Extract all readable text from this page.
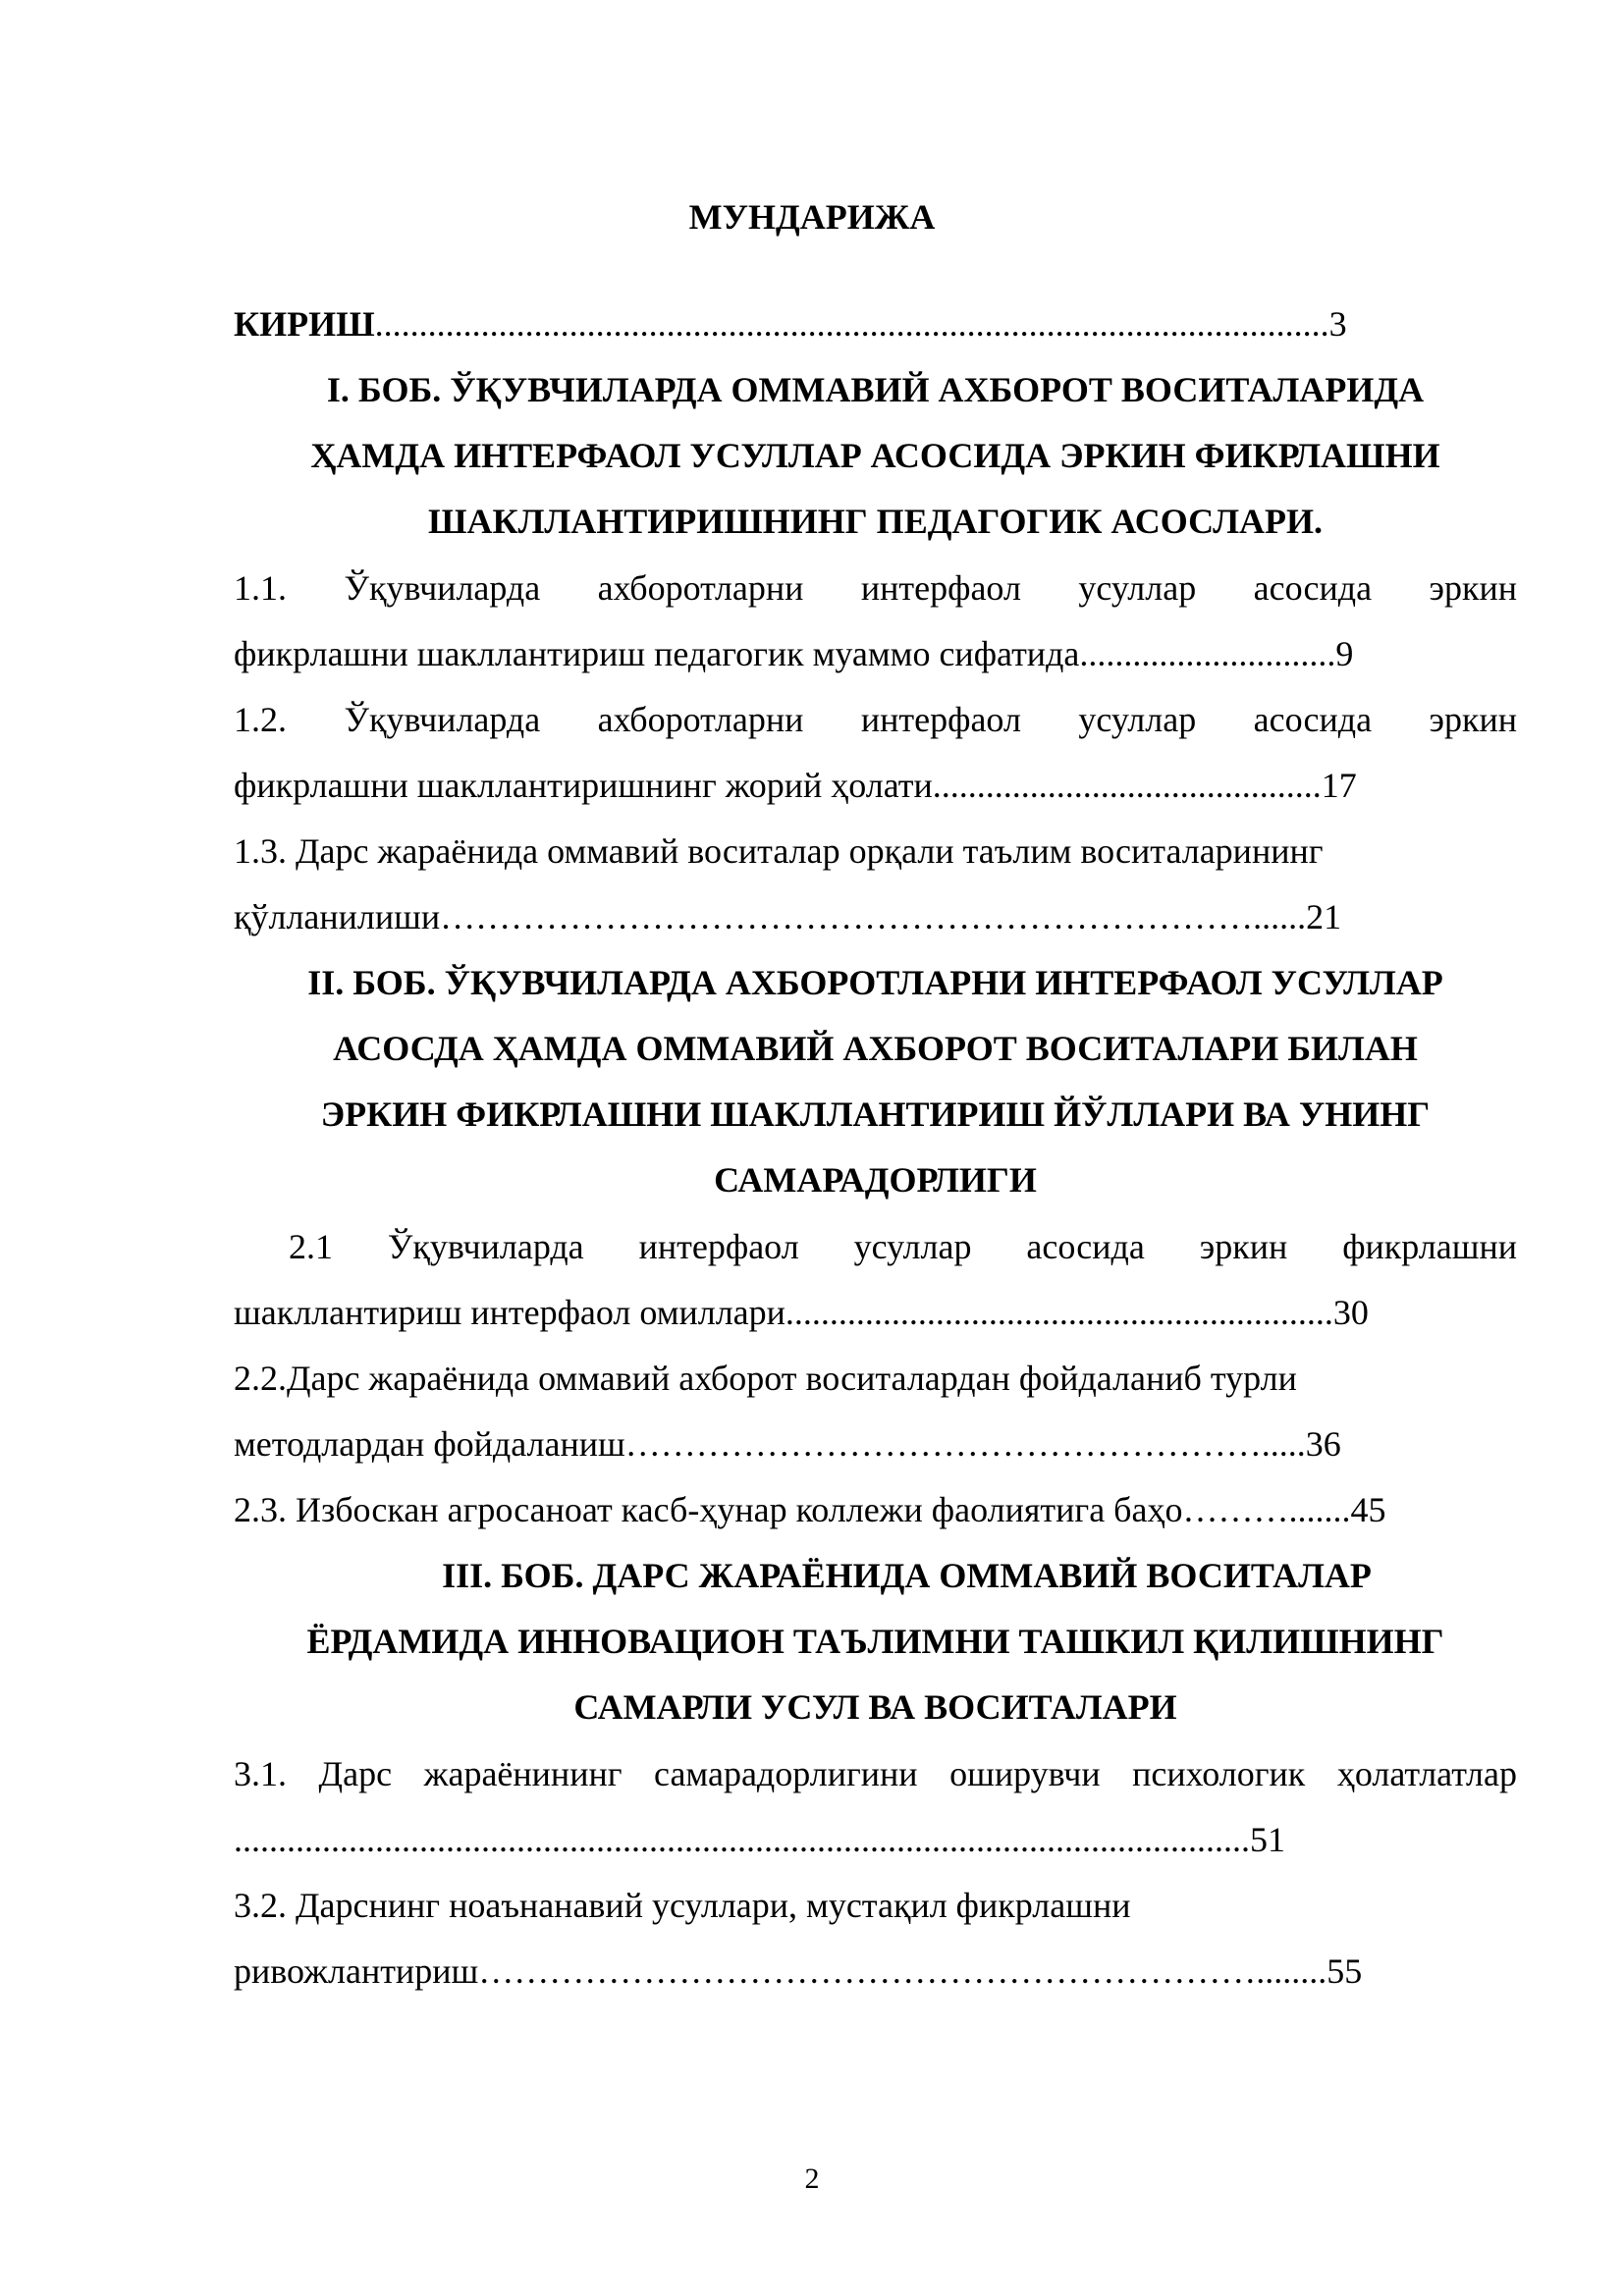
МУНДАРИЖА
КИРИШ............................................................................................................3
I. БОБ. ЎҚУВЧИЛАРДА ОММАВИЙ АХБОРОТ ВОСИТАЛАРИДА
ҲАМДА ИНТЕРФАОЛ УСУЛЛАР АСОСИДА ЭРКИН ФИКРЛАШНИ
ШАКЛЛАНТИРИШНИНГ ПЕДАГОГИК АСОСЛАРИ.
1.1. Ўқувчиларда ахборотларни интерфаол усуллар асосида эркин
фикрлашни шакллантириш педагогик муаммо сифатида.............................9
1.2. Ўқувчиларда ахборотларни интерфаол усуллар асосида эркин
фикрлашни шакллантиришнинг жорий ҳолати............................................17
1.3. Дарс жараёнида оммавий воситалар орқали таълим воситаларининг
қўлланилиши……………………………………………………………......21
II. БОБ. ЎҚУВЧИЛАРДА АХБОРОТЛАРНИ ИНТЕРФАОЛ УСУЛЛАР
АСОСДА ҲАМДА ОММАВИЙ АХБОРОТ ВОСИТАЛАРИ БИЛАН
ЭРКИН ФИКРЛАШНИ ШАКЛЛАНТИРИШ ЙЎЛЛАРИ ВА УНИНГ
САМАРАДОРЛИГИ
2.1 Ўқувчиларда интерфаол усуллар асосида эркин фикрлашни
шакллантириш интерфаол омиллари..............................................................30
2.2.Дарс жараёнида оммавий ахборот воситалардан фойдаланиб турли
методлардан фойдаланиш……………………………………………….....36
2.3. Избоскан агросаноат касб-ҳунар коллежи фаолиятига баҳо……….......45
III. БОБ. ДАРС ЖАРАЁНИДА ОММАВИЙ ВОСИТАЛАР
ЁРДАМИДА ИННОВАЦИОН ТАЪЛИМНИ ТАШКИЛ ҚИЛИШНИНГ
САМАРЛИ УСУЛ ВА ВОСИТАЛАРИ
3.1. Дарс жараёнининг самарадорлигини оширувчи психологик ҳолатлатлар
...................................................................................................................51
3.2. Дарснинг ноаънанавий усуллари, мустақил фикрлашни
ривожлантириш…………………………………………………………........55
2
